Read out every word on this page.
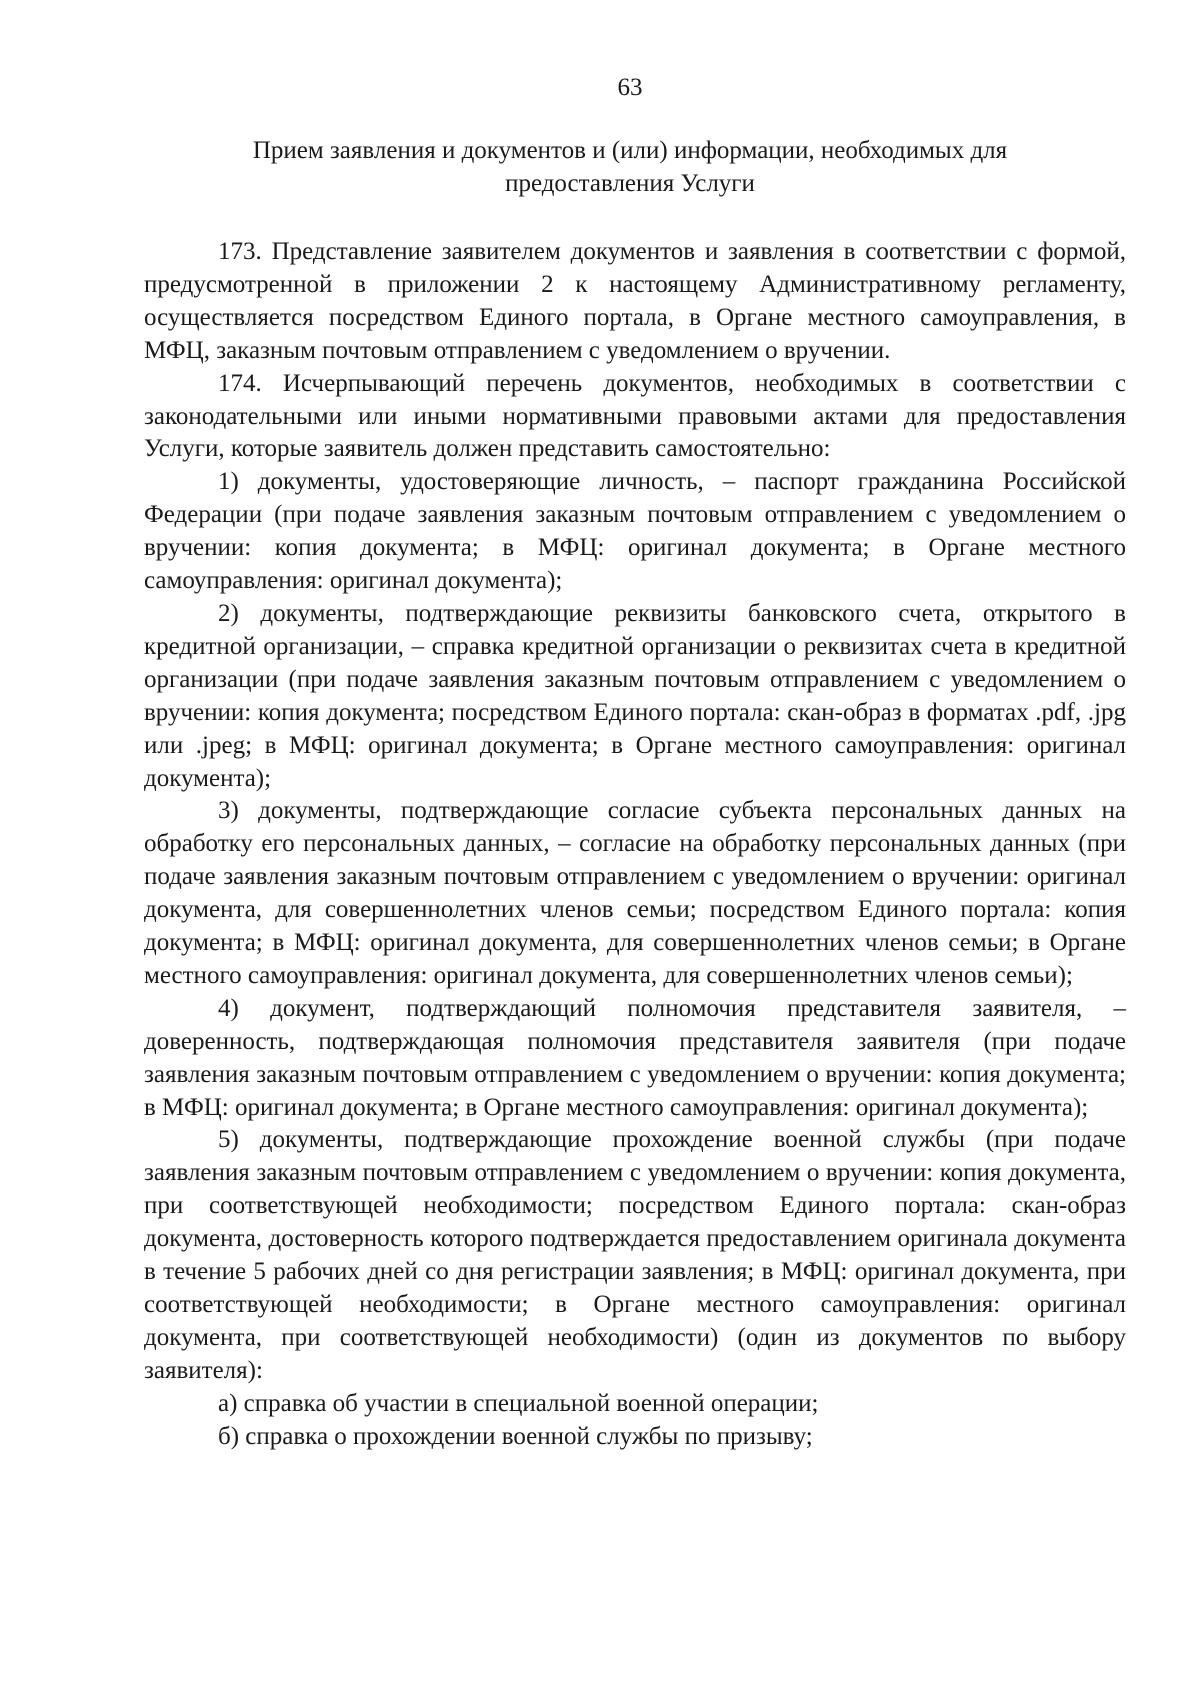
63
Прием заявления и документов и (или) информации, необходимых для предоставления Услуги

173. Представление заявителем документов и заявления в соответствии с формой, предусмотренной в приложении 2 к настоящему Административному регламенту, осуществляется посредством Единого портала, в Органе местного самоуправления, в МФЦ, заказным почтовым отправлением с уведомлением о вручении.

174. Исчерпывающий перечень документов, необходимых в соответствии с законодательными или иными нормативными правовыми актами для предоставления Услуги, которые заявитель должен представить самостоятельно:

1) документы, удостоверяющие личность, – паспорт гражданина Российской Федерации (при подаче заявления заказным почтовым отправлением с уведомлением о вручении: копия документа; в МФЦ: оригинал документа; в Органе местного самоуправления: оригинал документа);

2) документы, подтверждающие реквизиты банковского счета, открытого в кредитной организации, – справка кредитной организации о реквизитах счета в кредитной организации (при подаче заявления заказным почтовым отправлением с уведомлением о вручении: копия документа; посредством Единого портала: скан-образ в форматах .pdf, .jpg или .jpeg; в МФЦ: оригинал документа; в Органе местного самоуправления: оригинал документа);

3) документы, подтверждающие согласие субъекта персональных данных на обработку его персональных данных, – согласие на обработку персональных данных (при подаче заявления заказным почтовым отправлением с уведомлением о вручении: оригинал документа, для совершеннолетних членов семьи; посредством Единого портала: копия документа; в МФЦ: оригинал документа, для совершеннолетних членов семьи; в Органе местного самоуправления: оригинал документа, для совершеннолетних членов семьи);

4) документ, подтверждающий полномочия представителя заявителя, – доверенность, подтверждающая полномочия представителя заявителя (при подаче заявления заказным почтовым отправлением с уведомлением о вручении: копия документа; в МФЦ: оригинал документа; в Органе местного самоуправления: оригинал документа);

5) документы, подтверждающие прохождение военной службы (при подаче заявления заказным почтовым отправлением с уведомлением о вручении: копия документа, при соответствующей необходимости; посредством Единого портала: скан-образ документа, достоверность которого подтверждается предоставлением оригинала документа в течение 5 рабочих дней со дня регистрации заявления; в МФЦ: оригинал документа, при соответствующей необходимости; в Органе местного самоуправления: оригинал документа, при соответствующей необходимости) (один из документов по выбору заявителя):

а) справка об участии в специальной военной операции;

б) справка о прохождении военной службы по призыву;
